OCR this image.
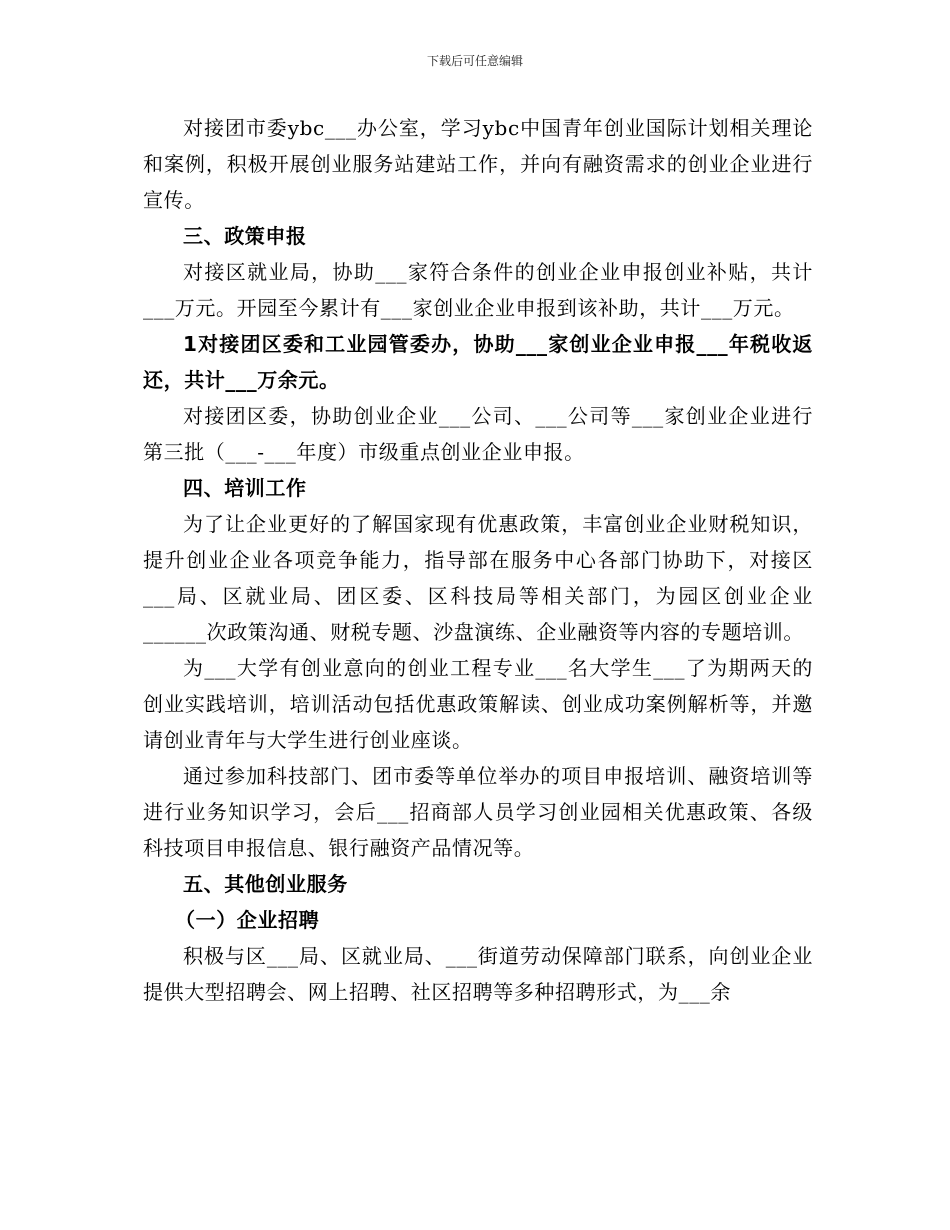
下载后可任意编辑

对接团市委ybc___办公室，学习ybc中国青年创业国际计划相关理论和案例，积极开展创业服务站建站工作，并向有融资需求的创业企业进行宣传。

三、政策申报

对接区就业局，协助___家符合条件的创业企业申报创业补贴，共计___万元。开园至今累计有___家创业企业申报到该补助，共计___万元。

1对接团区委和工业园管委办，协助___家创业企业申报___年税收返还，共计___万余元。

对接团区委，协助创业企业___公司、___公司等___家创业企业进行第三批（___-___年度）市级重点创业企业申报。

四、培训工作

为了让企业更好的了解国家现有优惠政策，丰富创业企业财税知识，提升创业企业各项竞争能力，指导部在服务中心各部门协助下，对接区___局、区就业局、团区委、区科技局等相关部门，为园区创业企业______次政策沟通、财税专题、沙盘演练、企业融资等内容的专题培训。

为___大学有创业意向的创业工程专业___名大学生___了为期两天的创业实践培训，培训活动包括优惠政策解读、创业成功案例解析等，并邀请创业青年与大学生进行创业座谈。

通过参加科技部门、团市委等单位举办的项目申报培训、融资培训等进行业务知识学习，会后___招商部人员学习创业园相关优惠政策、各级科技项目申报信息、银行融资产品情况等。

五、其他创业服务

（一）企业招聘

积极与区___局、区就业局、___街道劳动保障部门联系，向创业企业提供大型招聘会、网上招聘、社区招聘等多种招聘形式，为___余
